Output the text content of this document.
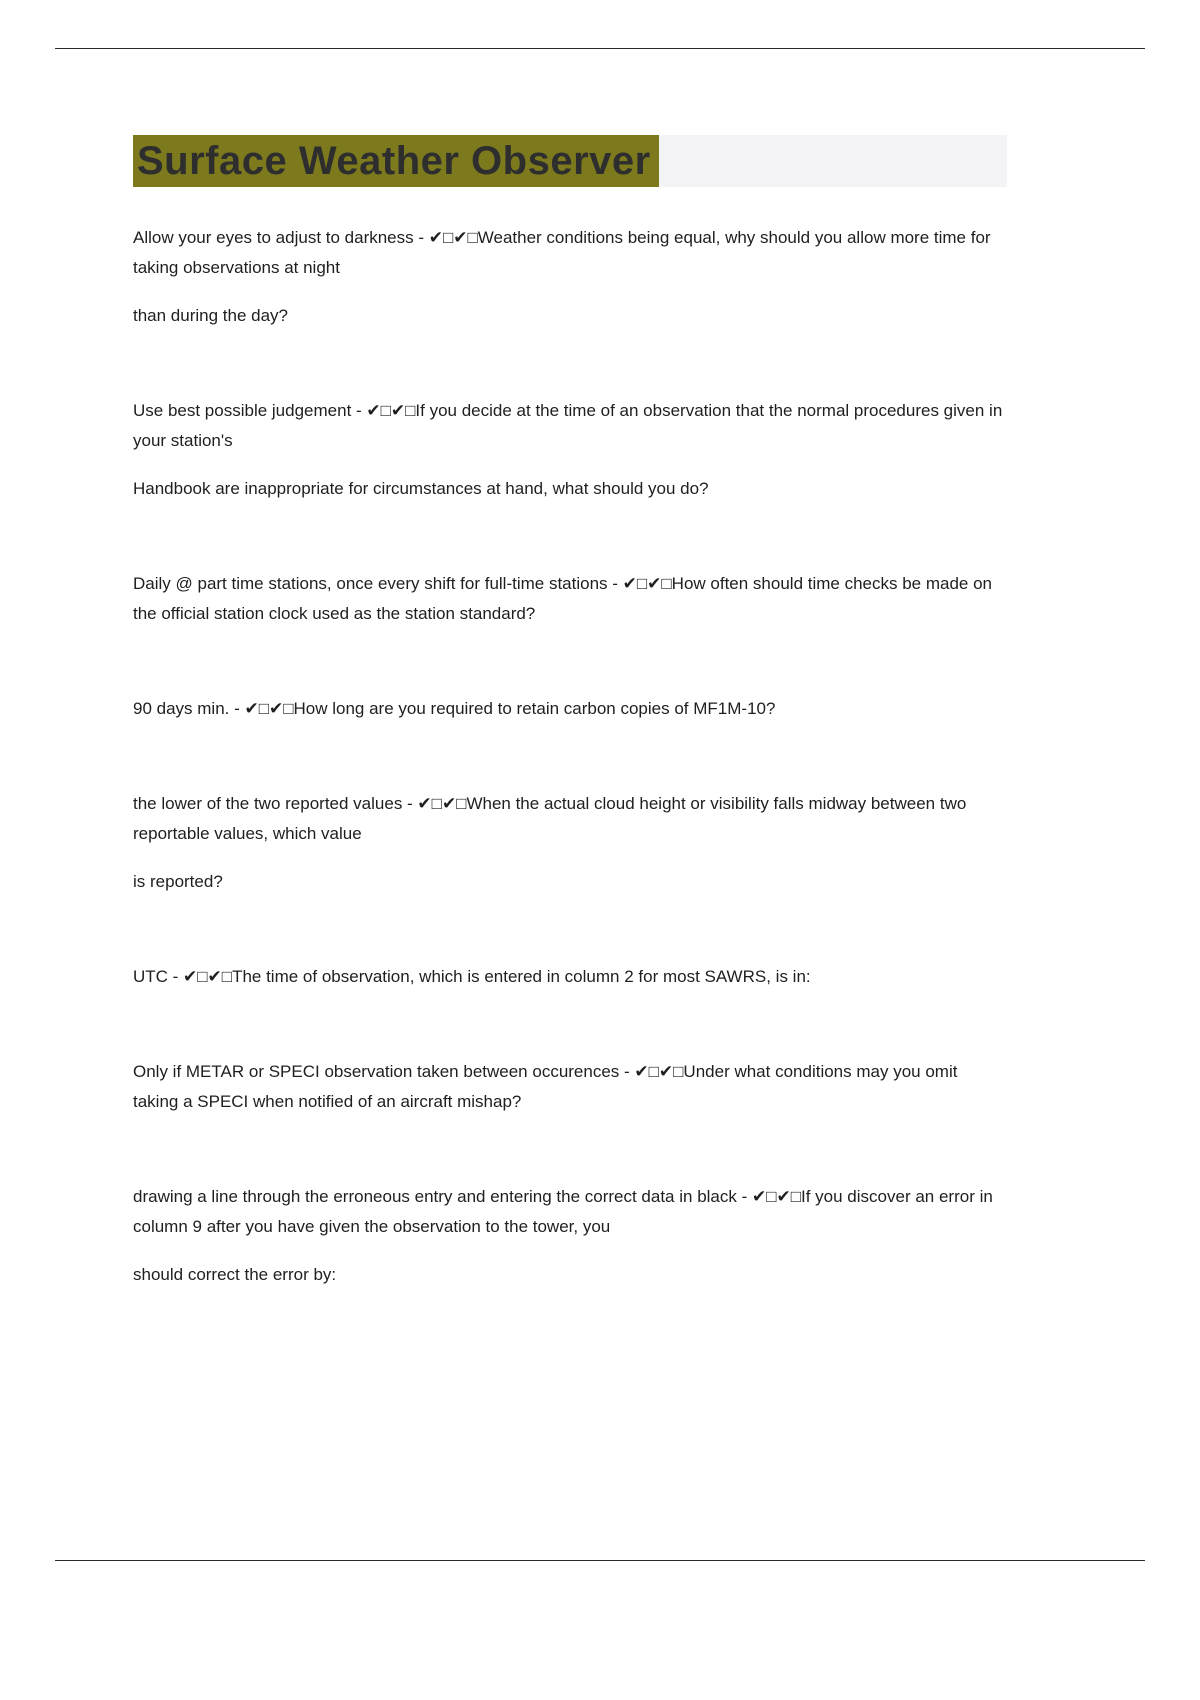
Surface Weather Observer

Allow your eyes to adjust to darkness - ✔□✔□Weather conditions being equal, why should you allow more time for taking observations at night

than during the day?

Use best possible judgement - ✔□✔□If you decide at the time of an observation that the normal procedures given in your station's

Handbook are inappropriate for circumstances at hand, what should you do?

Daily @ part time stations, once every shift for full-time stations - ✔□✔□How often should time checks be made on the official station clock used as the station standard?

90 days min. - ✔□✔□How long are you required to retain carbon copies of MF1M-10?

the lower of the two reported values - ✔□✔□When the actual cloud height or visibility falls midway between two reportable values, which value

is reported?

UTC - ✔□✔□The time of observation, which is entered in column 2 for most SAWRS, is in:

Only if METAR or SPECI observation taken between occurences - ✔□✔□Under what conditions may you omit taking a SPECI when notified of an aircraft mishap?

drawing a line through the erroneous entry and entering the correct data in black - ✔□✔□If you discover an error in column 9 after you have given the observation to the tower, you

should correct the error by:
